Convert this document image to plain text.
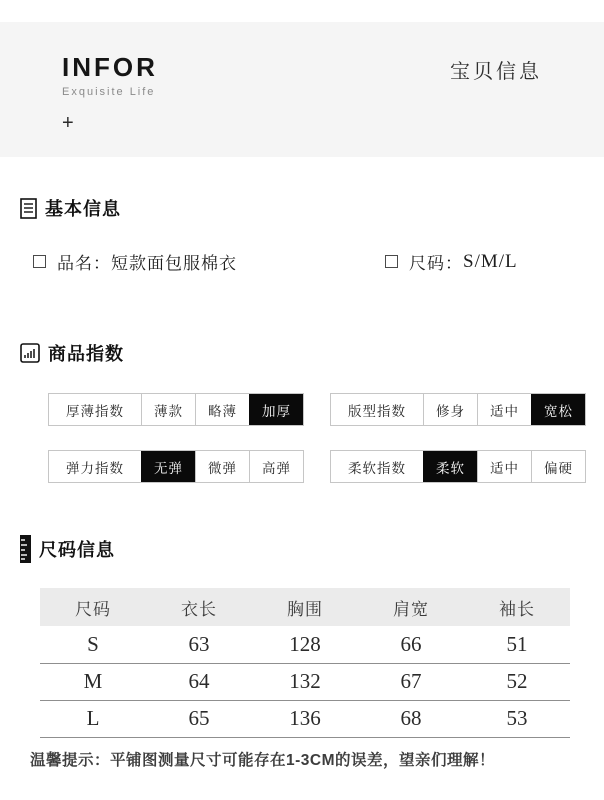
INFOR
Exquisite Life
+
宝贝信息
基本信息
品名： 短款面包服棉衣	尺码： S/M/L
商品指数
厚薄指数	薄款	略薄	加厚	版型指数	修身	适中	宽松
弹力指数	无弹	微弹	高弹	柔软指数	柔软	适中	偏硬
尺码信息
尺码	衣长	胸围	肩宽	袖长
S	63	128	66	51
M	64	132	67	52
L	65	136	68	53
温馨提示：平铺图测量尺寸可能存在1-3CM的误差，望亲们理解！
